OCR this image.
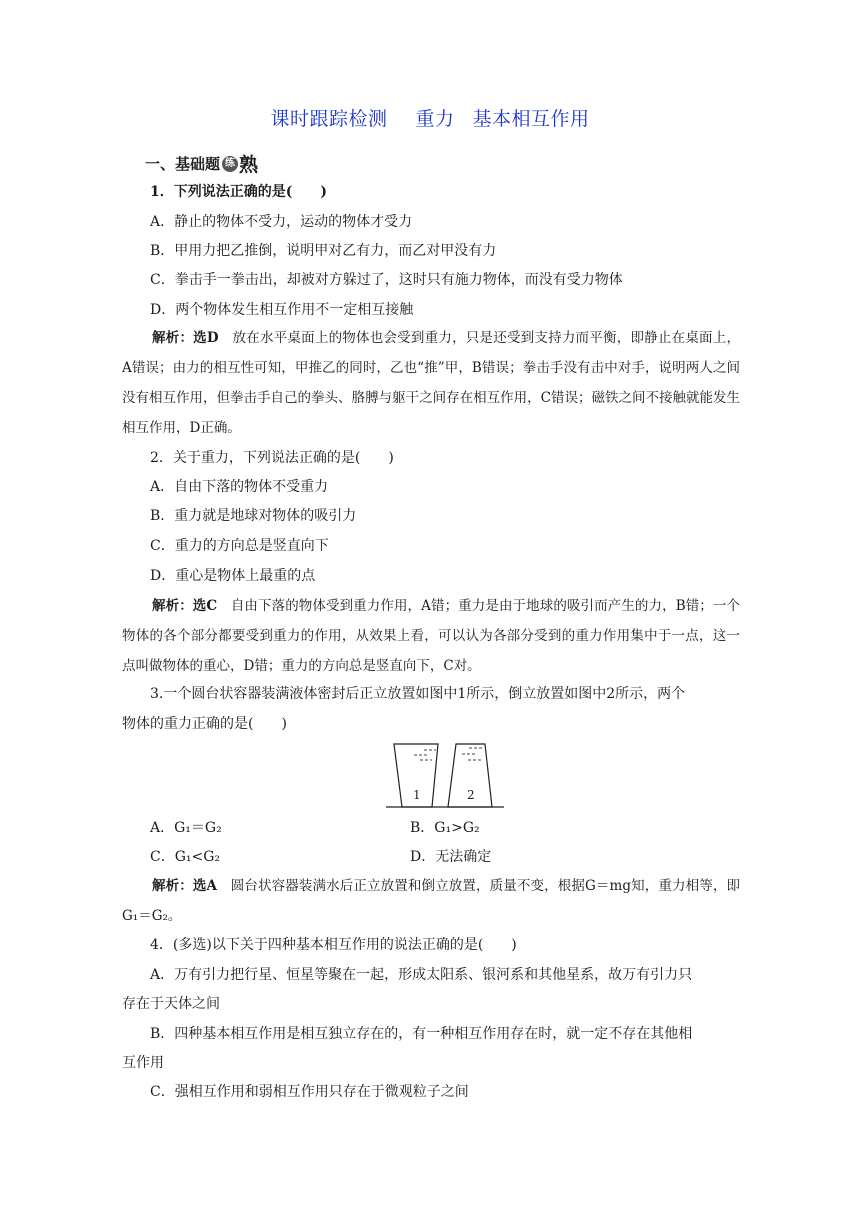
课时跟踪检测 重力 基本相互作用
一、基础题 练 熟
1．下列说法正确的是(　　)
A．静止的物体不受力，运动的物体才受力
B．甲用力把乙推倒，说明甲对乙有力，而乙对甲没有力
C．拳击手一拳击出，却被对方躲过了，这时只有施力物体，而没有受力物体
D．两个物体发生相互作用不一定相互接触
解析：选D　放在水平桌面上的物体也会受到重力，只是还受到支持力而平衡，即静止在桌面上，A错误；由力的相互性可知，甲推乙的同时，乙也“推”甲，B错误；拳击手没有击中对手，说明两人之间没有相互作用，但拳击手自己的拳头、胳膊与躯干之间存在相互作用，C错误；磁铁之间不接触就能发生相互作用，D正确。
2．关于重力，下列说法正确的是(　　)
A．自由下落的物体不受重力
B．重力就是地球对物体的吸引力
C．重力的方向总是竖直向下
D．重心是物体上最重的点
解析：选C　自由下落的物体受到重力作用，A错；重力是由于地球的吸引而产生的力，B错；一个物体的各个部分都要受到重力的作用，从效果上看，可以认为各部分受到的重力作用集中于一点，这一点叫做物体的重心，D错；重力的方向总是竖直向下，C对。
3.一个圆台状容器装满液体密封后正立放置如图中1所示，倒立放置如图中2所示，两个
物体的重力正确的是(　　)
1	2
A．G₁＝G₂	B．G₁>G₂
C．G₁<G₂	D．无法确定
解析：选A　圆台状容器装满水后正立放置和倒立放置，质量不变，根据G＝mg知，重力相等，即G₁＝G₂。
4．(多选)以下关于四种基本相互作用的说法正确的是(　　)
A．万有引力把行星、恒星等聚在一起，形成太阳系、银河系和其他星系，故万有引力只
存在于天体之间
B．四种基本相互作用是相互独立存在的，有一种相互作用存在时，就一定不存在其他相
互作用
C．强相互作用和弱相互作用只存在于微观粒子之间
